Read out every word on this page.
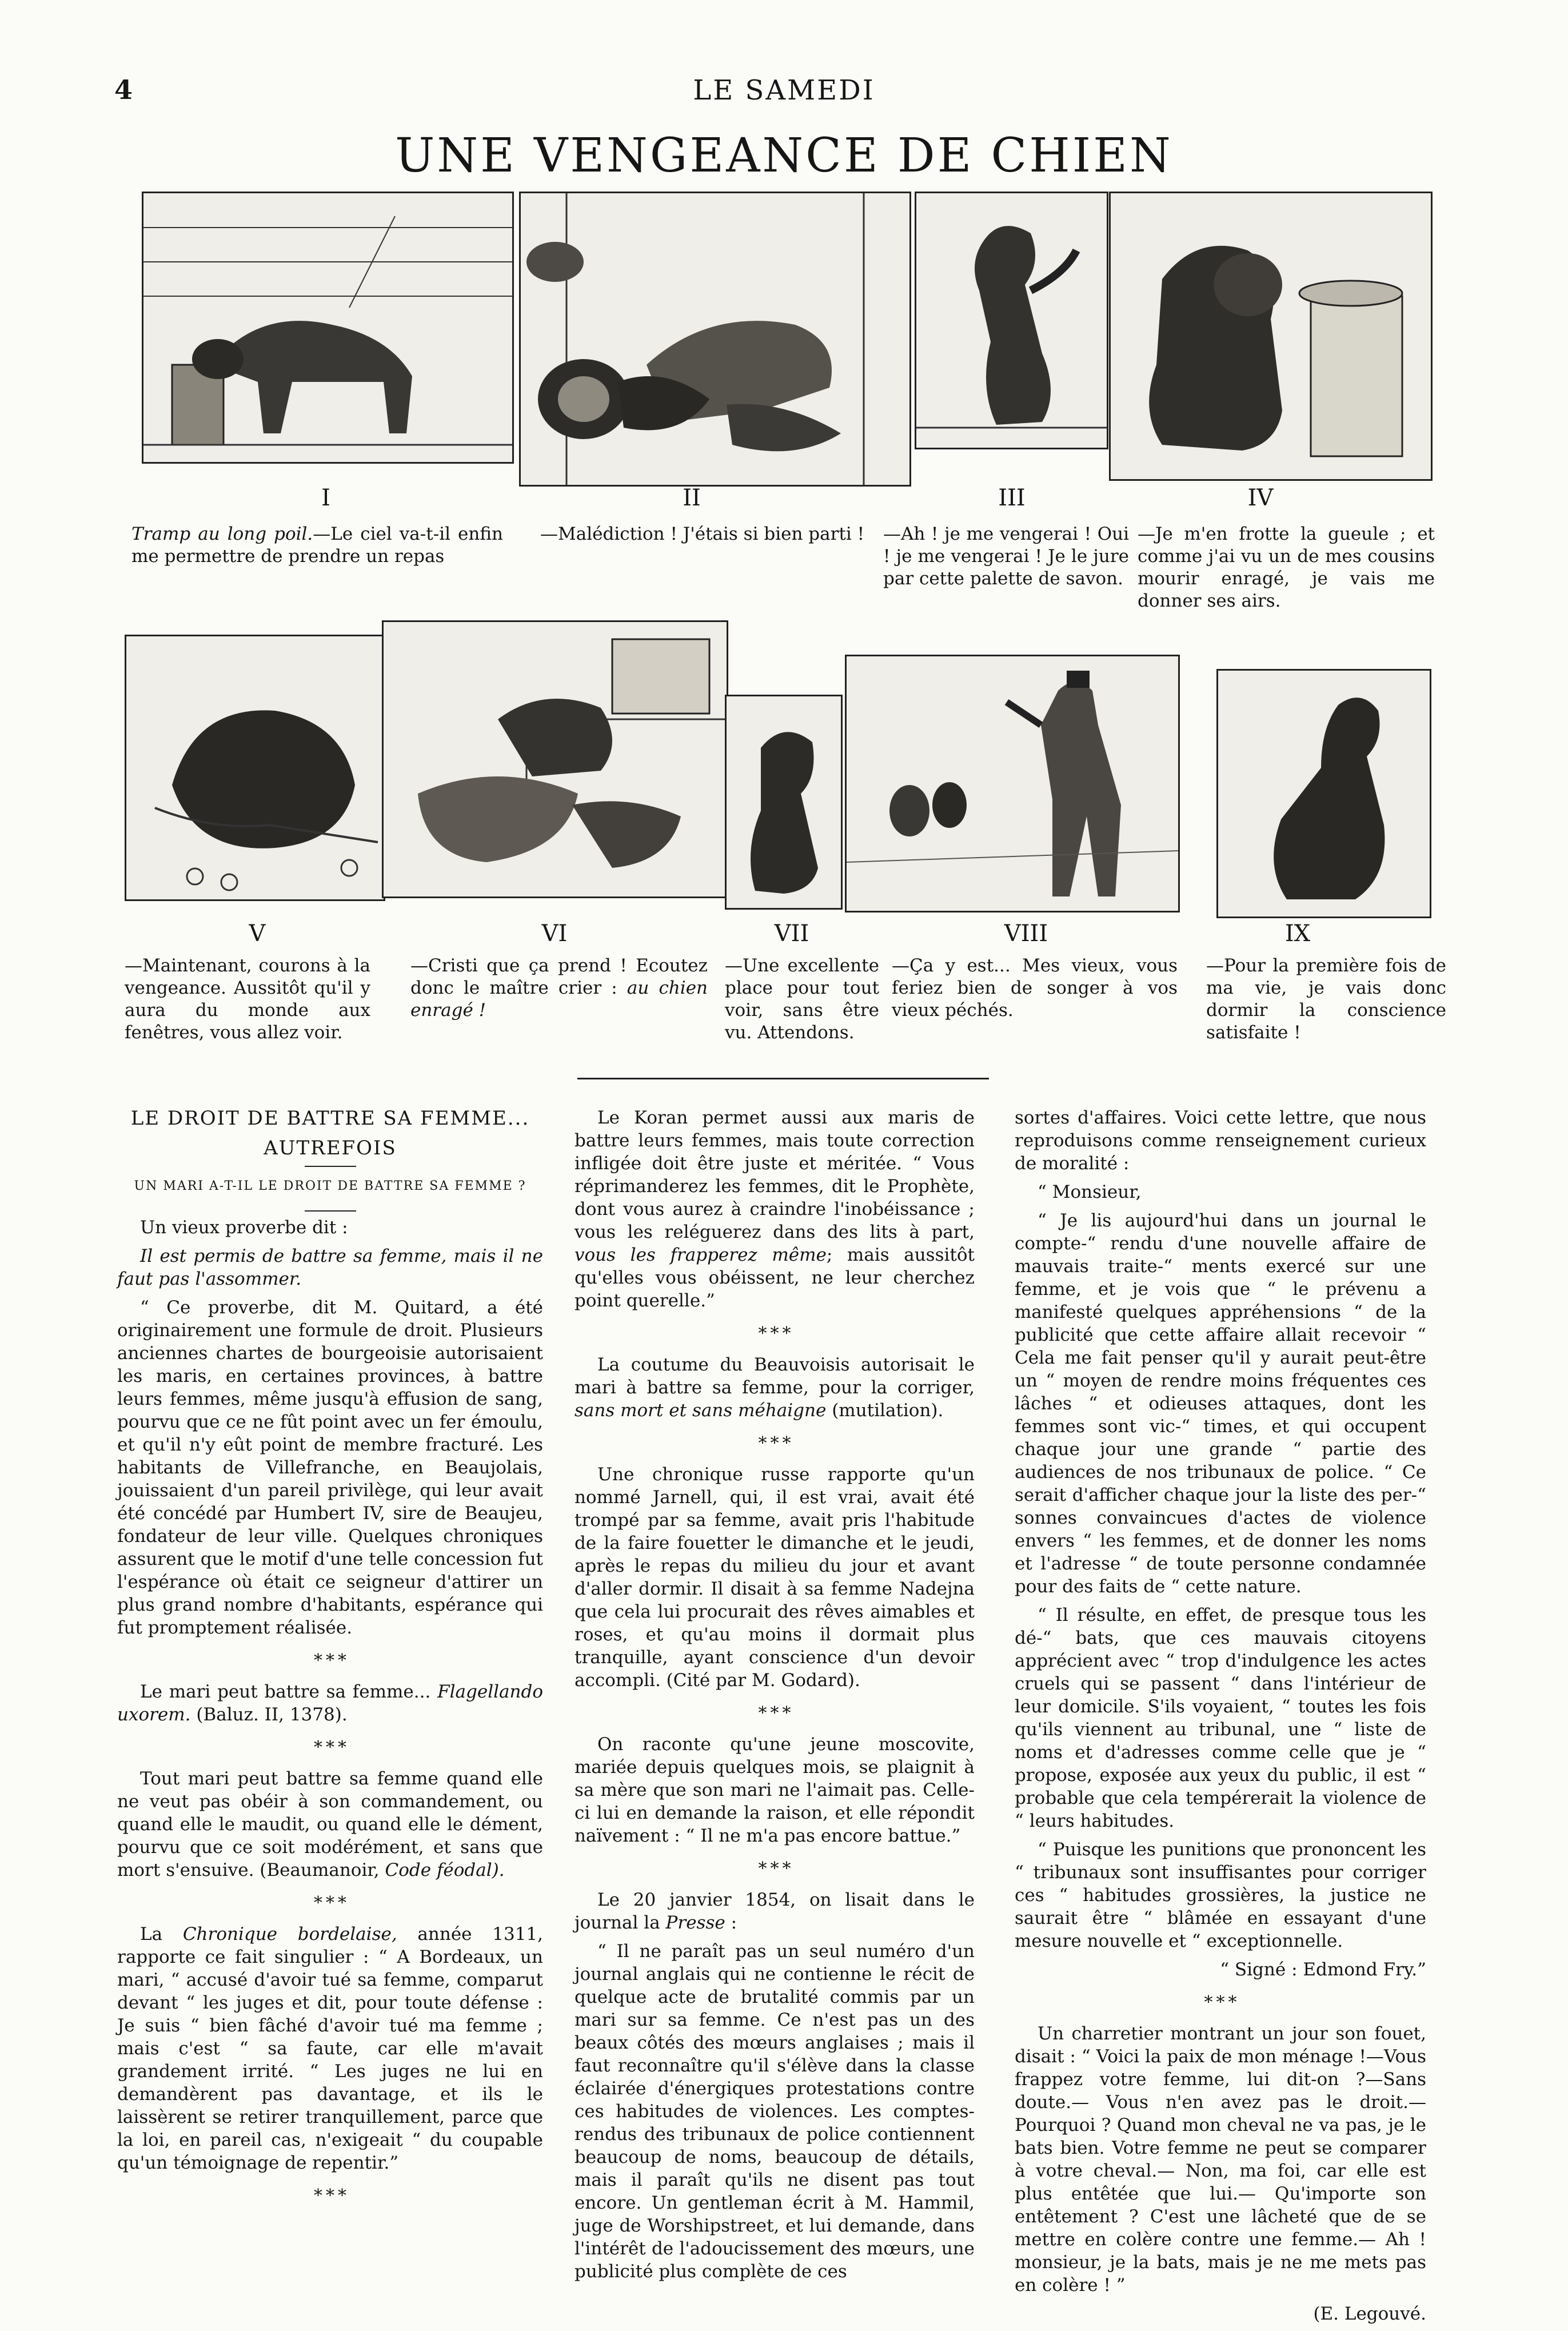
4	LE SAMEDI
UNE VENGEANCE DE CHIEN
I	II	III	IV
Tramp au long poil.—Le ciel va-t-il enfin me permettre de prendre un repas
—Malédiction ! J'étais si bien parti !	—Ah ! je me vengerai ! Oui ! je me vengerai ! Je le jure par cette palette de savon.
—Je m'en frotte la gueule ; et comme j'ai vu un de mes cousins mourir enragé, je vais me donner ses airs.
V	VI	VII	VIII	IX
—Maintenant, courons à la vengeance. Aussitôt qu'il y aura du monde aux fenêtres, vous allez voir.
—Cristi que ça prend ! Ecoutez donc le maître crier : au chien enragé !
—Une excellente place pour tout voir, sans être vu. Attendons.
—Ça y est... Mes vieux, vous feriez bien de songer à vos vieux péchés.
—Pour la première fois de ma vie, je vais donc dormir la conscience satisfaite !
LE DROIT DE BATTRE SA FEMME...
AUTREFOIS
UN MARI A-T-IL LE DROIT DE BATTRE SA FEMME ?

Un vieux proverbe dit :

Il est permis de battre sa femme, mais il ne faut pas l'assommer.

“ Ce proverbe, dit M. Quitard, a été originairement une formule de droit. Plusieurs anciennes chartes de bourgeoisie autorisaient les maris, en certaines provinces, à battre leurs femmes, même jusqu'à effusion de sang, pourvu que ce ne fût point avec un fer émoulu, et qu'il n'y eût point de membre fracturé. Les habitants de Villefranche, en Beaujolais, jouissaient d'un pareil privilège, qui leur avait été concédé par Humbert IV, sire de Beaujeu, fondateur de leur ville. Quelques chroniques assurent que le motif d'une telle concession fut l'espérance où était ce seigneur d'attirer un plus grand nombre d'habitants, espérance qui fut promptement réalisée.

* * *

Le mari peut battre sa femme... Flagellando uxorem. (Baluz. II, 1378).

* * *

Tout mari peut battre sa femme quand elle ne veut pas obéir à son commandement, ou quand elle le maudit, ou quand elle le dément, pourvu que ce soit modérément, et sans que mort s'ensuive. (Beaumanoir, Code féodal).

* * *

La Chronique bordelaise, année 1311, rapporte ce fait singulier : “ A Bordeaux, un mari, “ accusé d'avoir tué sa femme, comparut devant “ les juges et dit, pour toute défense : Je suis “ bien fâché d'avoir tué ma femme ; mais c'est “ sa faute, car elle m'avait grandement irrité. “ Les juges ne lui en demandèrent pas davantage, et ils le laissèrent se retirer tranquillement, parce que la loi, en pareil cas, n'exigeait “ du coupable qu'un témoignage de repentir.”

* * *

Le Koran permet aussi aux maris de battre leurs femmes, mais toute correction infligée doit être juste et méritée. “ Vous réprimanderez les femmes, dit le Prophète, dont vous aurez à craindre l'inobéissance ; vous les reléguerez dans des lits à part, vous les frapperez même; mais aussitôt qu'elles vous obéissent, ne leur cherchez point querelle.”

* * *

La coutume du Beauvoisis autorisait le mari à battre sa femme, pour la corriger, sans mort et sans méhaigne (mutilation).

* * *

Une chronique russe rapporte qu'un nommé Jarnell, qui, il est vrai, avait été trompé par sa femme, avait pris l'habitude de la faire fouetter le dimanche et le jeudi, après le repas du milieu du jour et avant d'aller dormir. Il disait à sa femme Nadejna que cela lui procurait des rêves aimables et roses, et qu'au moins il dormait plus tranquille, ayant conscience d'un devoir accompli. (Cité par M. Godard).

* * *

On raconte qu'une jeune moscovite, mariée depuis quelques mois, se plaignit à sa mère que son mari ne l'aimait pas. Celle-ci lui en demande la raison, et elle répondit naïvement : “ Il ne m'a pas encore battue.”

* * *

Le 20 janvier 1854, on lisait dans le journal la Presse :

“ Il ne paraît pas un seul numéro d'un journal anglais qui ne contienne le récit de quelque acte de brutalité commis par un mari sur sa femme. Ce n'est pas un des beaux côtés des mœurs anglaises ; mais il faut reconnaître qu'il s'élève dans la classe éclairée d'énergiques protestations contre ces habitudes de violences. Les comptes-rendus des tribunaux de police contiennent beaucoup de noms, beaucoup de détails, mais il paraît qu'ils ne disent pas tout encore. Un gentleman écrit à M. Hammil, juge de Worshipstreet, et lui demande, dans l'intérêt de l'adoucissement des mœurs, une publicité plus complète de ces

sortes d'affaires. Voici cette lettre, que nous reproduisons comme renseignement curieux de moralité :

“ Monsieur,

“ Je lis aujourd'hui dans un journal le compte-“ rendu d'une nouvelle affaire de mauvais traite-“ ments exercé sur une femme, et je vois que “ le prévenu a manifesté quelques appréhensions “ de la publicité que cette affaire allait recevoir “ Cela me fait penser qu'il y aurait peut-être un “ moyen de rendre moins fréquentes ces lâches “ et odieuses attaques, dont les femmes sont vic-“ times, et qui occupent chaque jour une grande “ partie des audiences de nos tribunaux de police. “ Ce serait d'afficher chaque jour la liste des per-“ sonnes convaincues d'actes de violence envers “ les femmes, et de donner les noms et l'adresse “ de toute personne condamnée pour des faits de “ cette nature.

“ Il résulte, en effet, de presque tous les dé-“ bats, que ces mauvais citoyens apprécient avec “ trop d'indulgence les actes cruels qui se passent “ dans l'intérieur de leur domicile. S'ils voyaient, “ toutes les fois qu'ils viennent au tribunal, une “ liste de noms et d'adresses comme celle que je “ propose, exposée aux yeux du public, il est “ probable que cela tempérerait la violence de “ leurs habitudes.

“ Puisque les punitions que prononcent les “ tribunaux sont insuffisantes pour corriger ces “ habitudes grossières, la justice ne saurait être “ blâmée en essayant d'une mesure nouvelle et “ exceptionnelle.

“ Signé : Edmond Fry.”

* * *

Un charretier montrant un jour son fouet, disait : “ Voici la paix de mon ménage !—Vous frappez votre femme, lui dit-on ?—Sans doute.— Vous n'en avez pas le droit.—Pourquoi ? Quand mon cheval ne va pas, je le bats bien. Votre femme ne peut se comparer à votre cheval.— Non, ma foi, car elle est plus entêtée que lui.— Qu'importe son entêtement ? C'est une lâcheté que de se mettre en colère contre une femme.— Ah ! monsieur, je la bats, mais je ne me mets pas en colère ! ”

(E. Legouvé.
